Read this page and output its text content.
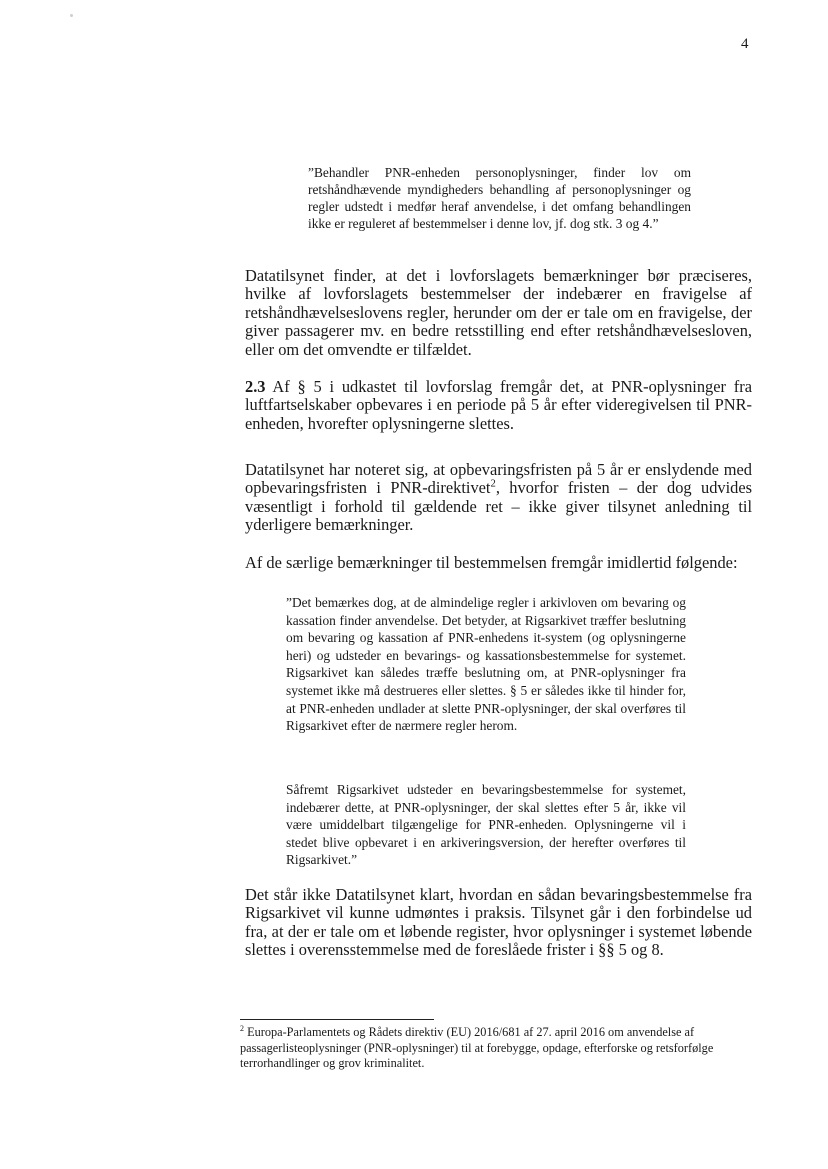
4
”Behandler PNR-enheden personoplysninger, finder lov om retshåndhævende myndigheders behandling af personoplysninger og regler udstedt i medfør heraf anvendelse, i det omfang behandlingen ikke er reguleret af bestemmelser i denne lov, jf. dog stk. 3 og 4.”
Datatilsynet finder, at det i lovforslagets bemærkninger bør præciseres, hvilke af lovforslagets bestemmelser der indebærer en fravigelse af retshåndhævelseslovens regler, herunder om der er tale om en fravigelse, der giver passagerer mv. en bedre retsstilling end efter retshåndhævelsesloven, eller om det omvendte er tilfældet.
2.3 Af § 5 i udkastet til lovforslag fremgår det, at PNR-oplysninger fra luftfartselskaber opbevares i en periode på 5 år efter videregivelsen til PNR-enheden, hvorefter oplysningerne slettes.
Datatilsynet har noteret sig, at opbevaringsfristen på 5 år er enslydende med opbevaringsfristen i PNR-direktivet$^2$, hvorfor fristen – der dog udvides væsentligt i forhold til gældende ret – ikke giver tilsynet anledning til yderligere bemærkninger.
Af de særlige bemærkninger til bestemmelsen fremgår imidlertid følgende:
”Det bemærkes dog, at de almindelige regler i arkivloven om bevaring og kassation finder anvendelse. Det betyder, at Rigsarkivet træffer beslutning om bevaring og kassation af PNR-enhedens it-system (og oplysningerne heri) og udsteder en bevarings- og kassationsbestemmelse for systemet. Rigsarkivet kan således træffe beslutning om, at PNR-oplysninger fra systemet ikke må destrueres eller slettes. § 5 er således ikke til hinder for, at PNR-enheden undlader at slette PNR-oplysninger, der skal overføres til Rigsarkivet efter de nærmere regler herom.
Såfremt Rigsarkivet udsteder en bevaringsbestemmelse for systemet, indebærer dette, at PNR-oplysninger, der skal slettes efter 5 år, ikke vil være umiddelbart tilgængelige for PNR-enheden. Oplysningerne vil i stedet blive opbevaret i en arkiveringsversion, der herefter overføres til Rigsarkivet.”
Det står ikke Datatilsynet klart, hvordan en sådan bevaringsbestemmelse fra Rigsarkivet vil kunne udmøntes i praksis. Tilsynet går i den forbindelse ud fra, at der er tale om et løbende register, hvor oplysninger i systemet løbende slettes i overensstemmelse med de foreslåede frister i §§ 5 og 8.
$^2$ Europa-Parlamentets og Rådets direktiv (EU) 2016/681 af 27. april 2016 om anvendelse af passagerlisteoplysninger (PNR-oplysninger) til at forebygge, opdage, efterforske og retsforfølge terrorhandlinger og grov kriminalitet.
